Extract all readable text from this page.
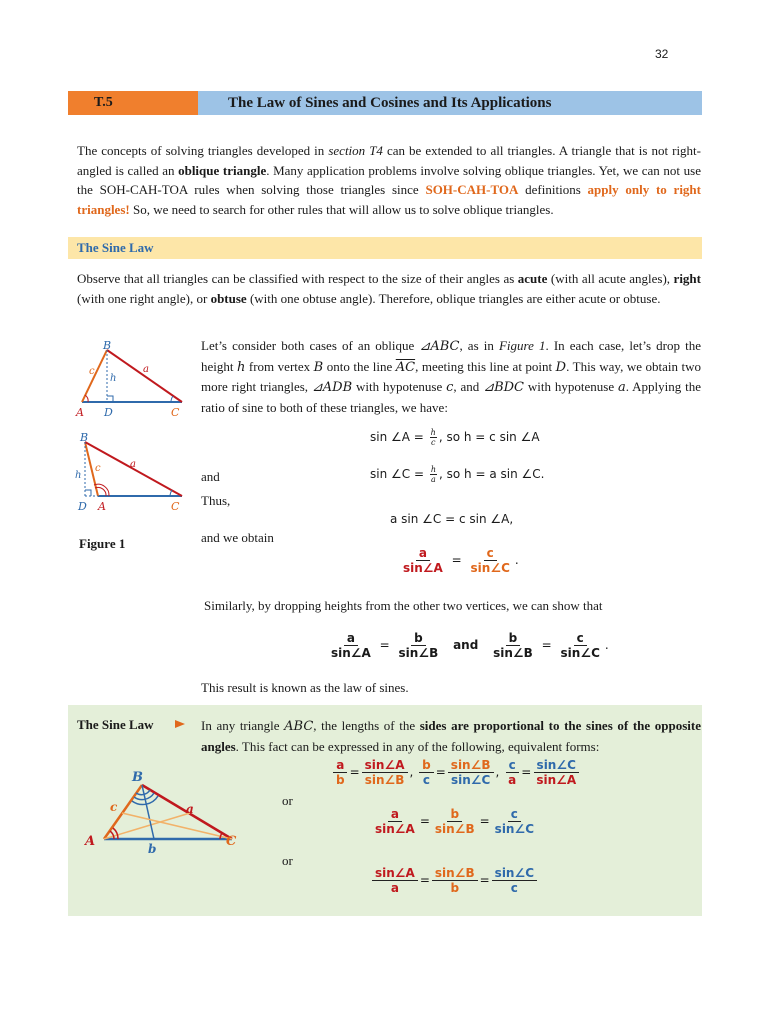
32
T.5	The Law of Sines and Cosines and Its Applications
The concepts of solving triangles developed in section T4 can be extended to all triangles. A triangle that is not right-angled is called an oblique triangle. Many application problems involve solving oblique triangles. Yet, we can not use the SOH-CAH-TOA rules when solving those triangles since SOH-CAH-TOA definitions apply only to right triangles! So, we need to search for other rules that will allow us to solve oblique triangles.
The Sine Law
Observe that all triangles can be classified with respect to the size of their angles as acute (with all acute angles), right (with one right angle), or obtuse (with one obtuse angle). Therefore, oblique triangles are either acute or obtuse.
B
a
c
h
A D	C
B
a
c
h
D A	C
Figure 1
Let’s consider both cases of an oblique ⊿ABC, as in Figure 1. In each case, let’s drop the height h from vertex B onto the line $\overline{AC}$, meeting this line at point D. This way, we obtain two more right triangles, ⊿ADB with hypotenuse c, and ⊿BDC with hypotenuse a. Applying the ratio of sine to both of these triangles, we have:
sin ∠A = $\frac{h}{c}$ , so h = c sin ∠A
and	sin ∠C = $\frac{h}{a}$ , so h = a sin ∠C.
Thus,
a sin ∠C = c sin ∠A,
and we obtain
$\frac{a}{\sin\angle A} = \frac{c}{\sin\angle C}$ .
Similarly, by dropping heights from the other two vertices, we can show that
$\frac{a}{\sin\angle A} = \frac{b}{\sin\angle B}$ and $\frac{b}{\sin\angle B} = \frac{c}{\sin\angle C}$ .
This result is known as the law of sines.
The Sine Law	In any triangle ABC, the lengths of the sides are proportional to the sines of the opposite angles. This fact can be expressed in any of the following, equivalent forms:
B
a
c
A	b	C
$\frac{a}{b} = \frac{\sin\angle A}{\sin\angle B}$ , $\frac{b}{c} = \frac{\sin\angle B}{\sin\angle C}$ , $\frac{c}{a} = \frac{\sin\angle C}{\sin\angle A}$
or
$\frac{a}{\sin\angle A} = \frac{b}{\sin\angle B} = \frac{c}{\sin\angle C}$
or
$\frac{\sin\angle A}{a} = \frac{\sin\angle B}{b} = \frac{\sin\angle C}{c}$
